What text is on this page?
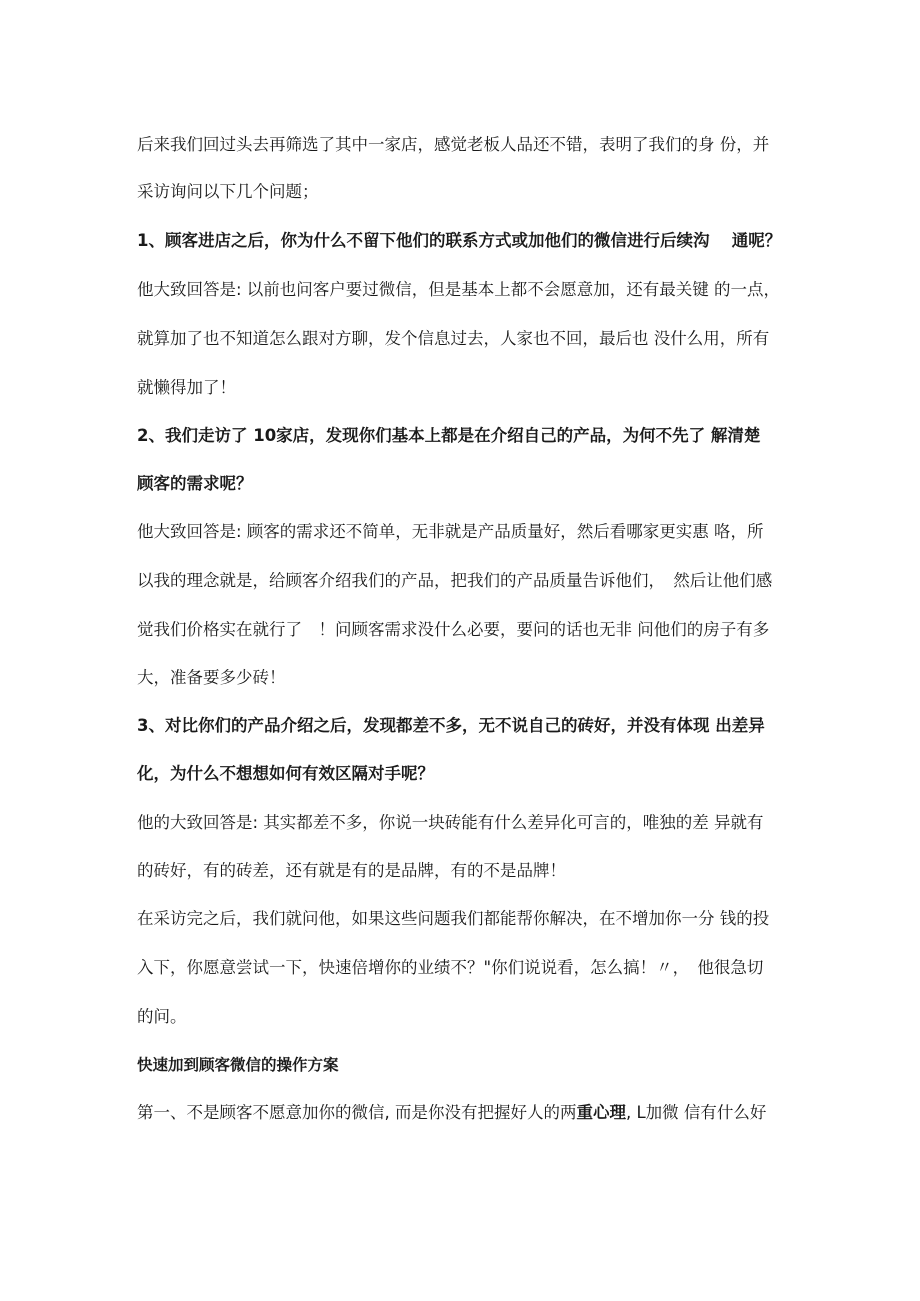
后来我们回过头去再筛选了其中一家店，感觉老板人品还不错，表明了我们的身 份，并
采访询问以下几个问题；
1、顾客进店之后，你为什么不留下他们的联系方式或加他们的微信进行后续沟　 通呢？
他大致回答是: 以前也问客户要过微信，但是基本上都不会愿意加，还有最关键 的一点，
就算加了也不知道怎么跟对方聊，发个信息过去，人家也不回，最后也 没什么用，所有
就懒得加了！
2、我们走访了 10家店，发现你们基本上都是在介绍自己的产品，为何不先了 解清楚
顾客的需求呢？
他大致回答是: 顾客的需求还不简单，无非就是产品质量好，然后看哪家更实惠 咯，所
以我的理念就是，给顾客介绍我们的产品，把我们的产品质量告诉他们，　然后让他们感
觉我们价格实在就行了　！问顾客需求没什么必要，要问的话也无非 问他们的房子有多
大，准备要多少砖！
3、对比你们的产品介绍之后，发现都差不多，无不说自己的砖好，并没有体现 出差异
化，为什么不想想如何有效区隔对手呢？
他的大致回答是: 其实都差不多，你说一块砖能有什么差异化可言的，唯独的差 异就有
的砖好，有的砖差，还有就是有的是品牌，有的不是品牌！
在采访完之后，我们就问他，如果这些问题我们都能帮你解决，在不增加你一分 钱的投
入下，你愿意尝试一下，快速倍增你的业绩不？"你们说说看，怎么搞！〃，　他很急切
的问。
快速加到顾客微信的操作方案
第一、不是顾客不愿意加你的微信, 而是你没有把握好人的两重心理, L加微 信有什么好
